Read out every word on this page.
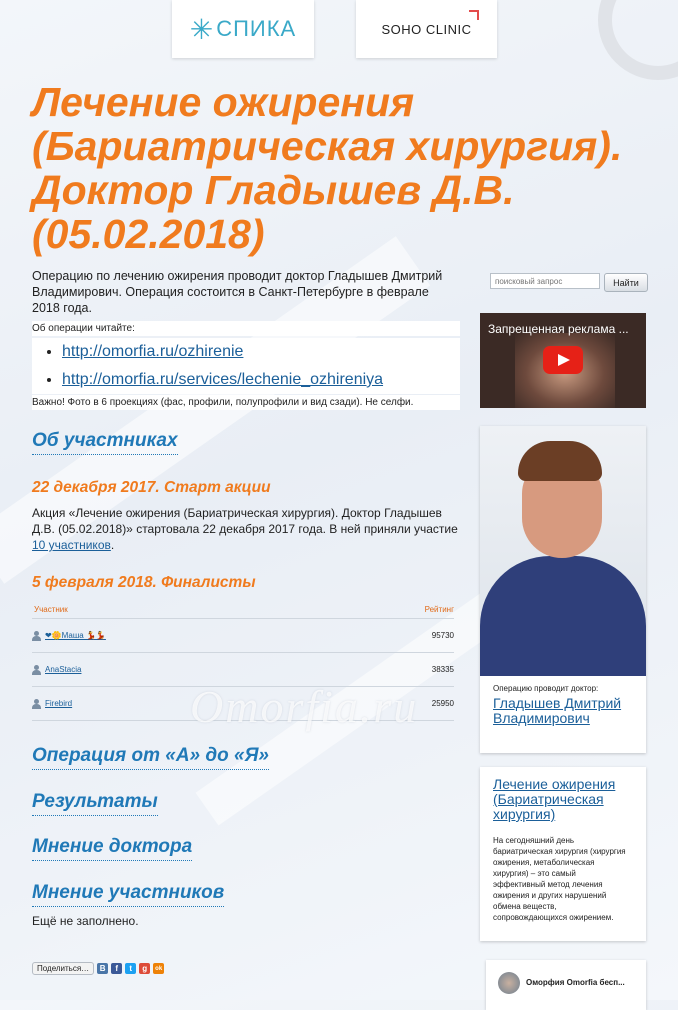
✳ СПИКА	SOHO CLINIC
Лечение ожирения (Бариатрическая хирургия). Доктор Гладышев Д.В. (05.02.2018)
Операцию по лечению ожирения проводит доктор Гладышев Дмитрий Владимирович. Операция состоится в Санкт-Петербурге в феврале 2018 года.
Об операции читайте:
• http://omorfia.ru/ozhirenie
• http://omorfia.ru/services/lechenie_ozhireniya
Важно! Фото в 6 проекциях (фас, профили, полупрофили и вид сзади). Не селфи.
Об участниках
22 декабря 2017. Старт акции
Акция «Лечение ожирения (Бариатрическая хирургия). Доктор Гладышев Д.В. (05.02.2018)» стартовала 22 декабря 2017 года. В ней приняли участие 10 участников.
5 февраля 2018. Финалисты
Участник	Рейтинг
❤🌼Маша 💃💃	95730
AnaStacia	38335
Firebird	25950
Omorfia.ru
Операция от «А» до «Я»
Результаты
Мнение доктора
Мнение участников
Ещё не заполнено.
Поделиться…	В	f	t	g	ok
поисковый запрос
Найти
Запрещенная реклама ...
Операцию проводит доктор:
Гладышев Дмитрий Владимирович
Лечение ожирения (Бариатрическая хирургия)
На сегодняшний день бариатрическая хирургия (хирургия ожирения, метаболическая хирургия) – это самый эффективный метод лечения ожирения и других нарушений обмена веществ, сопровождающихся ожирением.
Оморфия Omorfia бесп...
